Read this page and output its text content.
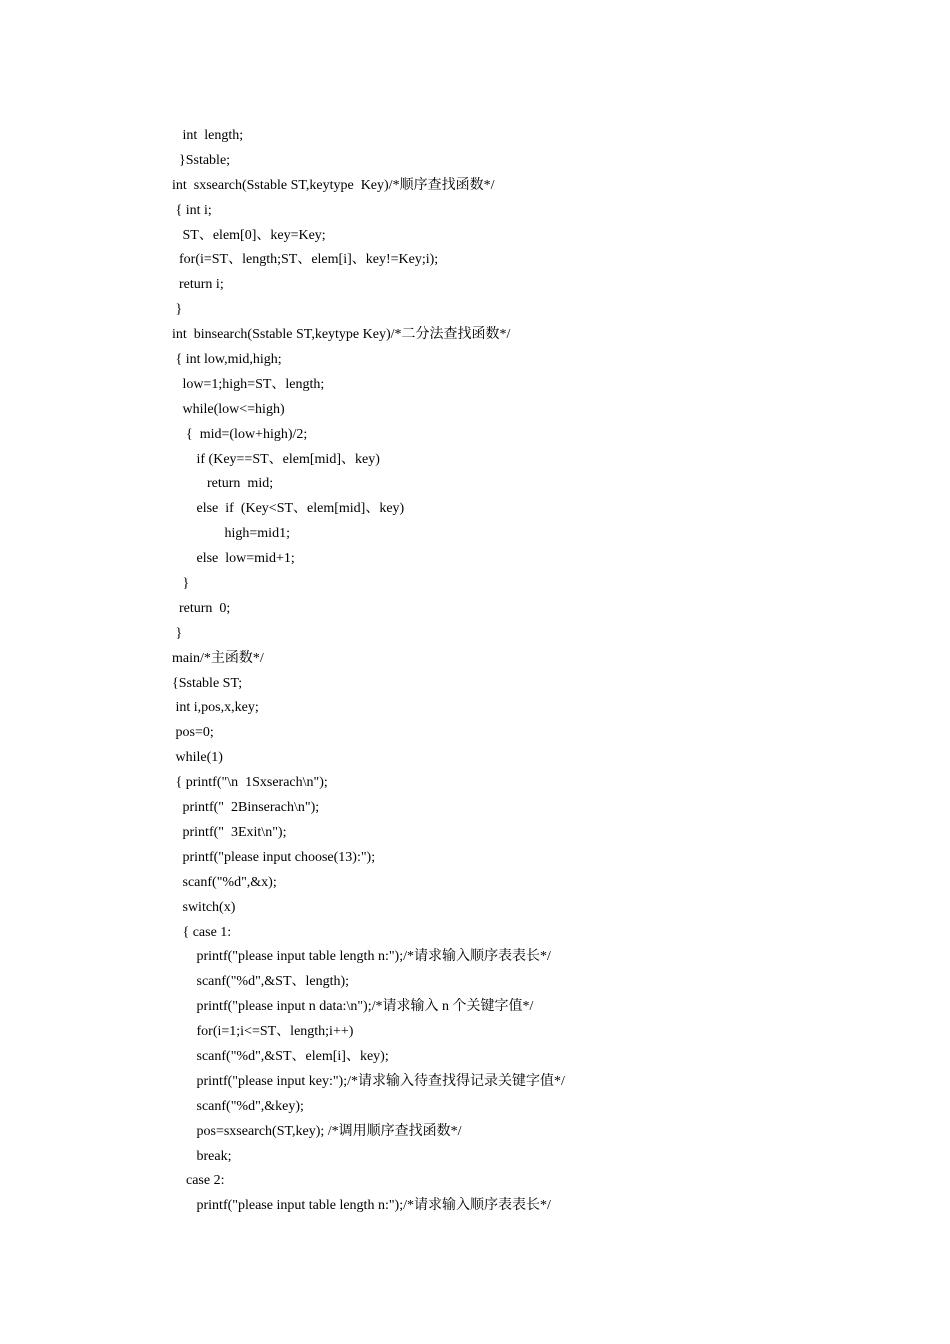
int  length;
}Sstable;
int  sxsearch(Sstable ST,keytype  Key)/*顺序查找函数*/
{ int i;
ST、elem[0]、key=Key;
for(i=ST、length;ST、elem[i]、key!=Key;i);
return i;
}
int  binsearch(Sstable ST,keytype Key)/*二分法查找函数*/
{ int low,mid,high;
low=1;high=ST、length;
while(low<=high)
{  mid=(low+high)/2;
if (Key==ST、elem[mid]、key)
return  mid;
else  if  (Key<ST、elem[mid]、key)
high=mid1;
else  low=mid+1;
}
return  0;
}
main/*主函数*/
{Sstable ST;
int i,pos,x,key;
pos=0;
while(1)
{ printf("\n  1Sxserach\n");
printf("  2Binserach\n");
printf("  3Exit\n");
printf("please input choose(13):");
scanf("%d",&x);
switch(x)
{ case 1:
printf("please input table length n:");/*请求输入顺序表表长*/
scanf("%d",&ST、length);
printf("please input n data:\n");/*请求输入 n 个关键字值*/
for(i=1;i<=ST、length;i++)
scanf("%d",&ST、elem[i]、key);
printf("please input key:");/*请求输入待查找得记录关键字值*/
scanf("%d",&key);
pos=sxsearch(ST,key); /*调用顺序查找函数*/
break;
case 2:
printf("please input table length n:");/*请求输入顺序表表长*/
